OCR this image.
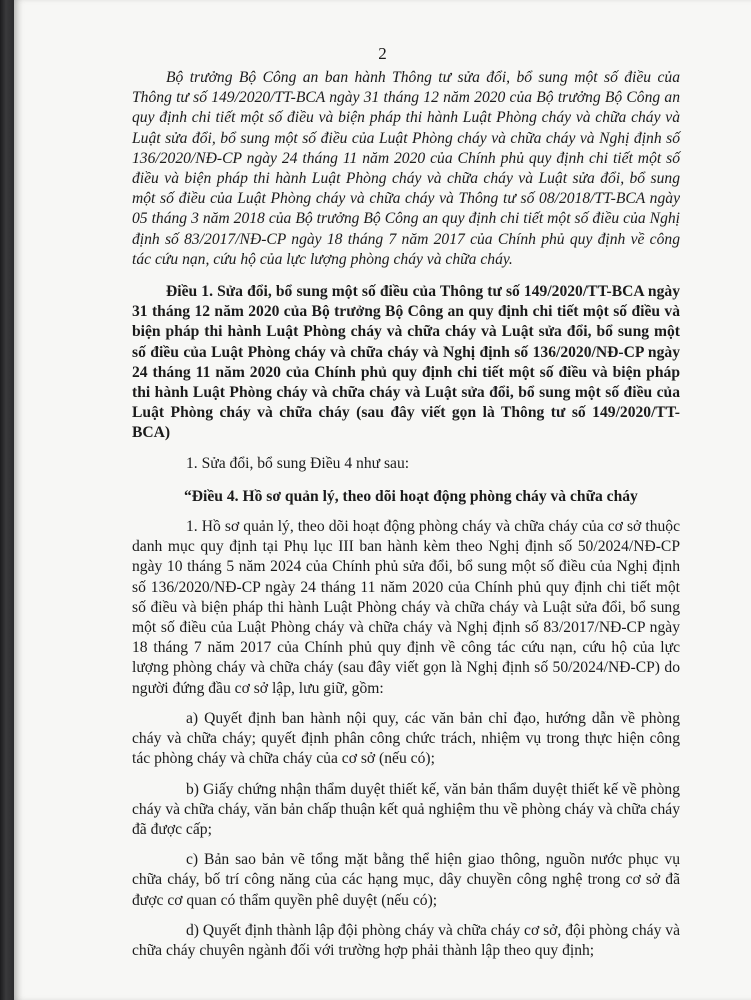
2

Bộ trưởng Bộ Công an ban hành Thông tư sửa đổi, bổ sung một số điều của Thông tư số 149/2020/TT-BCA ngày 31 tháng 12 năm 2020 của Bộ trưởng Bộ Công an quy định chi tiết một số điều và biện pháp thi hành Luật Phòng cháy và chữa cháy và Luật sửa đổi, bổ sung một số điều của Luật Phòng cháy và chữa cháy và Nghị định số 136/2020/NĐ-CP ngày 24 tháng 11 năm 2020 của Chính phủ quy định chi tiết một số điều và biện pháp thi hành Luật Phòng cháy và chữa cháy và Luật sửa đổi, bổ sung một số điều của Luật Phòng cháy và chữa cháy và Thông tư số 08/2018/TT-BCA ngày 05 tháng 3 năm 2018 của Bộ trưởng Bộ Công an quy định chi tiết một số điều của Nghị định số 83/2017/NĐ-CP ngày 18 tháng 7 năm 2017 của Chính phủ quy định về công tác cứu nạn, cứu hộ của lực lượng phòng cháy và chữa cháy.

Điều 1. Sửa đổi, bổ sung một số điều của Thông tư số 149/2020/TT-BCA ngày 31 tháng 12 năm 2020 của Bộ trưởng Bộ Công an quy định chi tiết một số điều và biện pháp thi hành Luật Phòng cháy và chữa cháy và Luật sửa đổi, bổ sung một số điều của Luật Phòng cháy và chữa cháy và Nghị định số 136/2020/NĐ-CP ngày 24 tháng 11 năm 2020 của Chính phủ quy định chi tiết một số điều và biện pháp thi hành Luật Phòng cháy và chữa cháy và Luật sửa đổi, bổ sung một số điều của Luật Phòng cháy và chữa cháy (sau đây viết gọn là Thông tư số 149/2020/TT-BCA)

1. Sửa đổi, bổ sung Điều 4 như sau:

“Điều 4. Hồ sơ quản lý, theo dõi hoạt động phòng cháy và chữa cháy

1. Hồ sơ quản lý, theo dõi hoạt động phòng cháy và chữa cháy của cơ sở thuộc danh mục quy định tại Phụ lục III ban hành kèm theo Nghị định số 50/2024/NĐ-CP ngày 10 tháng 5 năm 2024 của Chính phủ sửa đổi, bổ sung một số điều của Nghị định số 136/2020/NĐ-CP ngày 24 tháng 11 năm 2020 của Chính phủ quy định chi tiết một số điều và biện pháp thi hành Luật Phòng cháy và chữa cháy và Luật sửa đổi, bổ sung một số điều của Luật Phòng cháy và chữa cháy và Nghị định số 83/2017/NĐ-CP ngày 18 tháng 7 năm 2017 của Chính phủ quy định về công tác cứu nạn, cứu hộ của lực lượng phòng cháy và chữa cháy (sau đây viết gọn là Nghị định số 50/2024/NĐ-CP) do người đứng đầu cơ sở lập, lưu giữ, gồm:

a) Quyết định ban hành nội quy, các văn bản chỉ đạo, hướng dẫn về phòng cháy và chữa cháy; quyết định phân công chức trách, nhiệm vụ trong thực hiện công tác phòng cháy và chữa cháy của cơ sở (nếu có);

b) Giấy chứng nhận thẩm duyệt thiết kế, văn bản thẩm duyệt thiết kế về phòng cháy và chữa cháy, văn bản chấp thuận kết quả nghiệm thu về phòng cháy và chữa cháy đã được cấp;

c) Bản sao bản vẽ tổng mặt bằng thể hiện giao thông, nguồn nước phục vụ chữa cháy, bố trí công năng của các hạng mục, dây chuyền công nghệ trong cơ sở đã được cơ quan có thẩm quyền phê duyệt (nếu có);

d) Quyết định thành lập đội phòng cháy và chữa cháy cơ sở, đội phòng cháy và chữa cháy chuyên ngành đối với trường hợp phải thành lập theo quy định;
